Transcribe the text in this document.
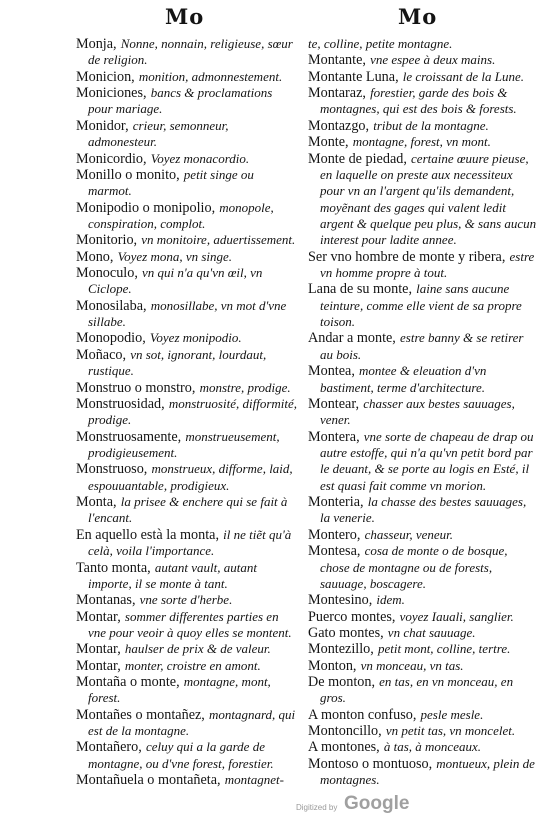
Mo	Mo

Monja, Nonne, nonnain, religieuse, sœur de religion.

Monicion, monition, admonnestement.

Moniciones, bancs & proclamations pour mariage.

Monidor, crieur, semonneur, admonesteur.

Monicordio, Voyez monacordio.

Monillo o monito, petit singe ou marmot.

Monipodio o monipolio, monopole, conspiration, complot.

Monitorio, vn monitoire, aduertissement.

Mono, Voyez mona, vn singe.

Monoculo, vn qui n'a qu'vn œil, vn Ciclope.

Monosilaba, monosillabe, vn mot d'vne sillabe.

Monopodio, Voyez monipodio.

Moñaco, vn sot, ignorant, lourdaut, rustique.

Monstruo o monstro, monstre, prodige.

Monstruosidad, monstruosité, difformité, prodige.

Monstruosamente, monstrueusement, prodigieusement.

Monstruoso, monstrueux, difforme, laid, espouuantable, prodigieux.

Monta, la prisee & enchere qui se fait à l'encant.

En aquello està la monta, il ne tiẽt qu'à celà, voila l'importance.

Tanto monta, autant vault, autant importe, il se monte à tant.

Montanas, vne sorte d'herbe.

Montar, sommer differentes parties en vne pour veoir à quoy elles se montent.

Montar, haulser de prix & de valeur.

Montar, monter, croistre en amont.

Montaña o monte, montagne, mont, forest.

Montañes o montañez, montagnard, qui est de la montagne.

Montañero, celuy qui a la garde de montagne, ou d'vne forest, forestier.

Montañuela o montañeta, montagnet-

te, colline, petite montagne.

Montante, vne espee à deux mains.

Montante Luna, le croissant de la Lune.

Montaraz, forestier, garde des bois & montagnes, qui est des bois & forests.

Montazgo, tribut de la montagne.

Monte, montagne, forest, vn mont.

Monte de piedad, certaine œuure pieuse, en laquelle on preste aux necessiteux pour vn an l'argent qu'ils demandent, moyẽnant des gages qui valent ledit argent & quelque peu plus, & sans aucun interest pour ladite annee.

Ser vno hombre de monte y ribera, estre vn homme propre à tout.

Lana de su monte, laine sans aucune teinture, comme elle vient de sa propre toison.

Andar a monte, estre banny & se retirer au bois.

Montea, montee & eleuation d'vn bastiment, terme d'architecture.

Montear, chasser aux bestes sauuages, vener.

Montera, vne sorte de chapeau de drap ou autre estoffe, qui n'a qu'vn petit bord par le deuant, & se porte au logis en Esté, il est quasi fait comme vn morion.

Monteria, la chasse des bestes sauuages, la venerie.

Montero, chasseur, veneur.

Montesa, cosa de monte o de bosque, chose de montagne ou de forests, sauuage, boscagere.

Montesino, idem.

Puerco montes, voyez Iauali, sanglier.

Gato montes, vn chat sauuage.

Montezillo, petit mont, colline, tertre.

Monton, vn monceau, vn tas.

De monton, en tas, en vn monceau, en gros.

A monton confuso, pesle mesle.

Montoncillo, vn petit tas, vn moncelet.

A montones, à tas, à monceaux.

Montoso o montuoso, montueux, plein de montagnes.

Digitized by Google
